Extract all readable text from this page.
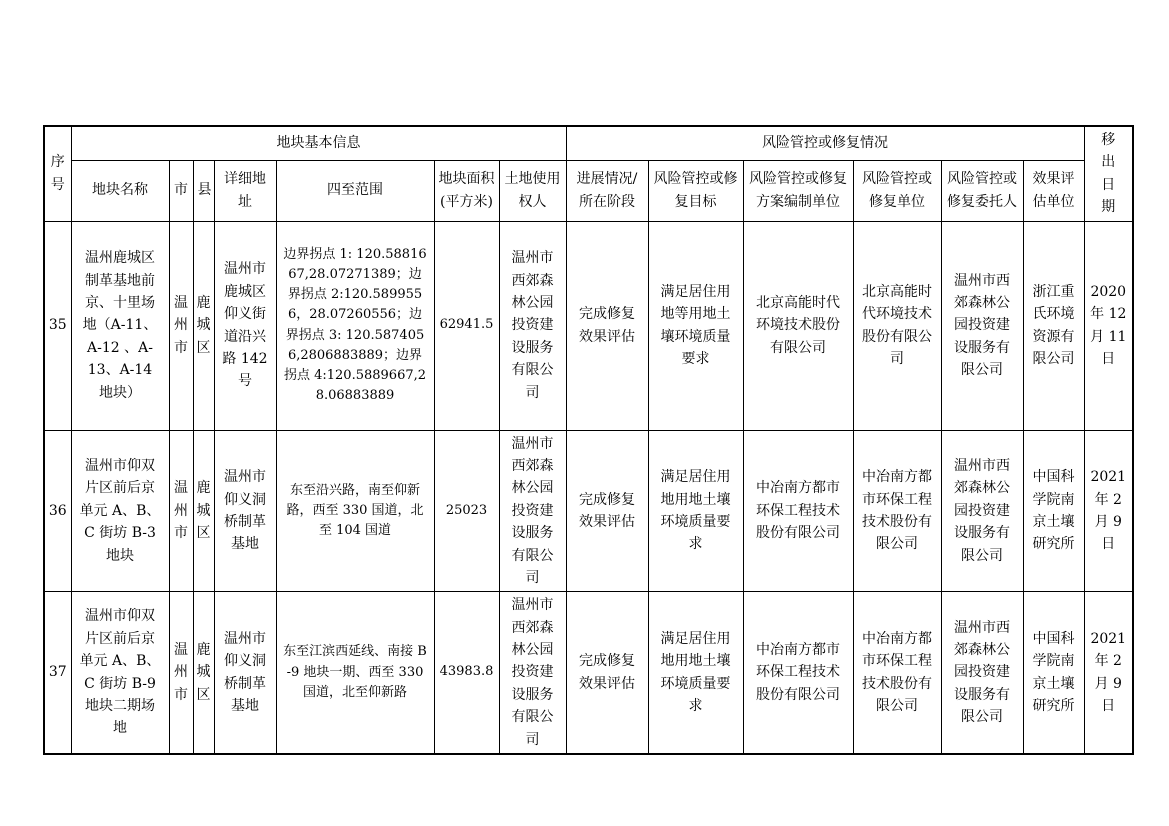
序号	地块基本信息							风险管控或修复情况						移出日期
	地块名称	市	县	详细地址	四至范围	地块面积(平方米)	土地使用权人	进展情况/所在阶段	风险管控或修复目标	风险管控或修复方案编制单位	风险管控或修复单位	风险管控或修复委托人	效果评估单位	
35	温州鹿城区制革基地前京、十里场地（A-11、A-12 、A-13、A-14 地块）	温州市	鹿城区	温州市鹿城区仰义街道沿兴路 142 号	边界拐点 1: 120.5881667,28.07271389；边界拐点 2:120.5899556，28.07260556；边界拐点 3: 120.5874056,2806883889；边界拐点 4:120.5889667,28.06883889	62941.5	温州市西郊森林公园投资建设服务有限公司	完成修复效果评估	满足居住用地等用地土壤环境质量要求	北京高能时代环境技术股份有限公司	北京高能时代环境技术股份有限公司	温州市西郊森林公园投资建设服务有限公司	浙江重氏环境资源有限公司	2020 年 12 月 11 日
36	温州市仰双片区前后京单元 A、B、C 街坊 B-3 地块	温州市	鹿城区	温州市仰义洞桥制革基地	东至沿兴路，南至仰新路，西至 330 国道，北至 104 国道	25023	温州市西郊森林公园投资建设服务有限公司	完成修复效果评估	满足居住用地用地土壤环境质量要求	中冶南方都市环保工程技术股份有限公司	中冶南方都市环保工程技术股份有限公司	温州市西郊森林公园投资建设服务有限公司	中国科学院南京土壤研究所	2021 年 2 月 9 日
37	温州市仰双片区前后京单元 A、B、C 街坊 B-9 地块二期场地	温州市	鹿城区	温州市仰义洞桥制革基地	东至江滨西延线、南接 B-9 地块一期、西至 330 国道，北至仰新路	43983.8	温州市西郊森林公园投资建设服务有限公司	完成修复效果评估	满足居住用地用地土壤环境质量要求	中冶南方都市环保工程技术股份有限公司	中冶南方都市环保工程技术股份有限公司	温州市西郊森林公园投资建设服务有限公司	中国科学院南京土壤研究所	2021 年 2 月 9 日
